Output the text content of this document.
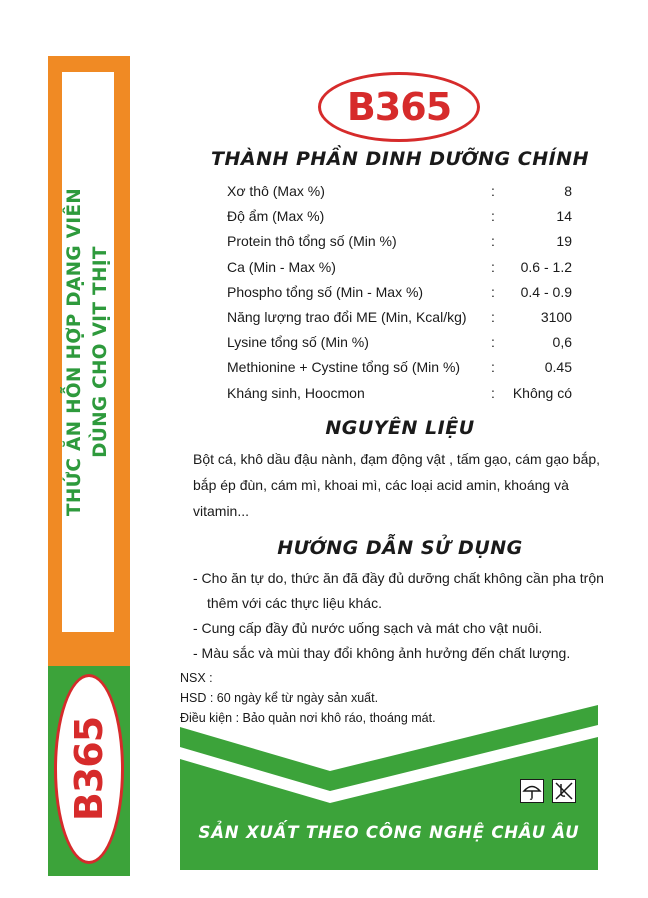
THỨC ĂN HỖN HỢP DẠNG VIÊN DÙNG CHO VỊT THỊT
B365
B365
THÀNH PHẦN DINH DƯỠNG CHÍNH
Xơ thô (Max %)	:	8
Độ ẩm (Max %)	:	14
Protein thô tổng số (Min %)	:	19
Ca (Min - Max %)	: 0.6 - 1.2
Phospho tổng số (Min - Max %)	: 0.4 - 0.9
Năng lượng trao đổi ME (Min, Kcal/kg) :	3100
Lysine tổng số (Min %)	:	0,6
Methionine + Cystine tổng số (Min %) :	0.45
Kháng sinh, Hoocmon	: Không có
NGUYÊN LIỆU
Bột cá, khô dầu đậu nành, đạm động vật , tấm gạo, cám gạo bắp, bắp ép đùn, cám mì, khoai mì, các loại acid amin, khoáng và vitamin...
HƯỚNG DẪN SỬ DỤNG
- Cho ăn tự do, thức ăn đã đầy đủ dưỡng chất không cần pha trộn thêm với các thực liệu khác.
- Cung cấp đầy đủ nước uống sạch và mát cho vật nuôi.
- Màu sắc và mùi thay đổi không ảnh hưởng đến chất lượng.
NSX :
HSD : 60 ngày kể từ ngày sản xuất.
Điều kiện : Bảo quản nơi khô ráo, thoáng mát.
SẢN XUẤT THEO CÔNG NGHỆ CHÂU ÂU
